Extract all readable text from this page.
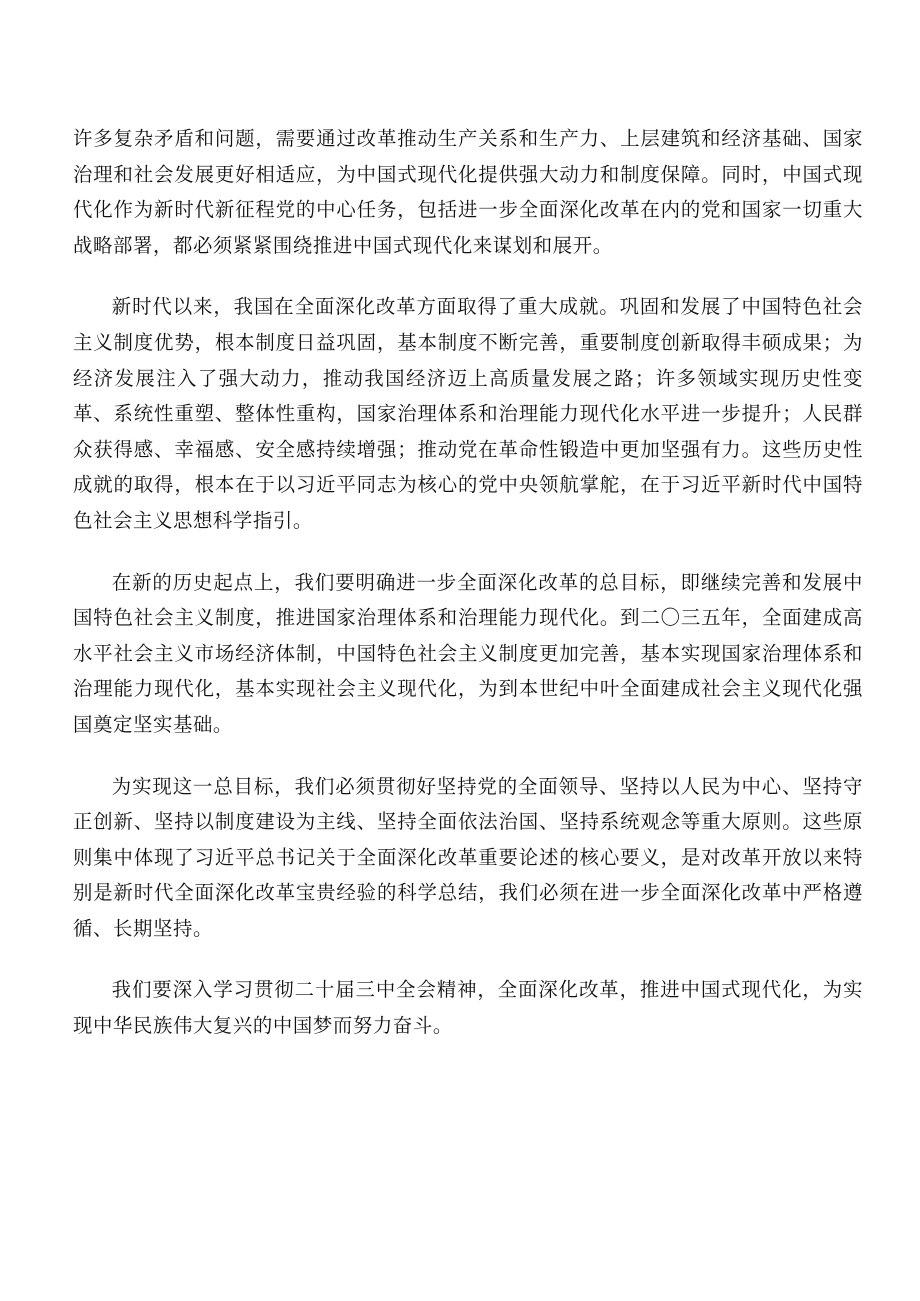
许多复杂矛盾和问题，需要通过改革推动生产关系和生产力、上层建筑和经济基础、国家治理和社会发展更好相适应，为中国式现代化提供强大动力和制度保障。同时，中国式现代化作为新时代新征程党的中心任务，包括进一步全面深化改革在内的党和国家一切重大战略部署，都必须紧紧围绕推进中国式现代化来谋划和展开。

新时代以来，我国在全面深化改革方面取得了重大成就。巩固和发展了中国特色社会主义制度优势，根本制度日益巩固，基本制度不断完善，重要制度创新取得丰硕成果；为经济发展注入了强大动力，推动我国经济迈上高质量发展之路；许多领域实现历史性变革、系统性重塑、整体性重构，国家治理体系和治理能力现代化水平进一步提升；人民群众获得感、幸福感、安全感持续增强；推动党在革命性锻造中更加坚强有力。这些历史性成就的取得，根本在于以习近平同志为核心的党中央领航掌舵，在于习近平新时代中国特色社会主义思想科学指引。

在新的历史起点上，我们要明确进一步全面深化改革的总目标，即继续完善和发展中国特色社会主义制度，推进国家治理体系和治理能力现代化。到二〇三五年，全面建成高水平社会主义市场经济体制，中国特色社会主义制度更加完善，基本实现国家治理体系和治理能力现代化，基本实现社会主义现代化，为到本世纪中叶全面建成社会主义现代化强国奠定坚实基础。

为实现这一总目标，我们必须贯彻好坚持党的全面领导、坚持以人民为中心、坚持守正创新、坚持以制度建设为主线、坚持全面依法治国、坚持系统观念等重大原则。这些原则集中体现了习近平总书记关于全面深化改革重要论述的核心要义，是对改革开放以来特别是新时代全面深化改革宝贵经验的科学总结，我们必须在进一步全面深化改革中严格遵循、长期坚持。

我们要深入学习贯彻二十届三中全会精神，全面深化改革，推进中国式现代化，为实现中华民族伟大复兴的中国梦而努力奋斗。
